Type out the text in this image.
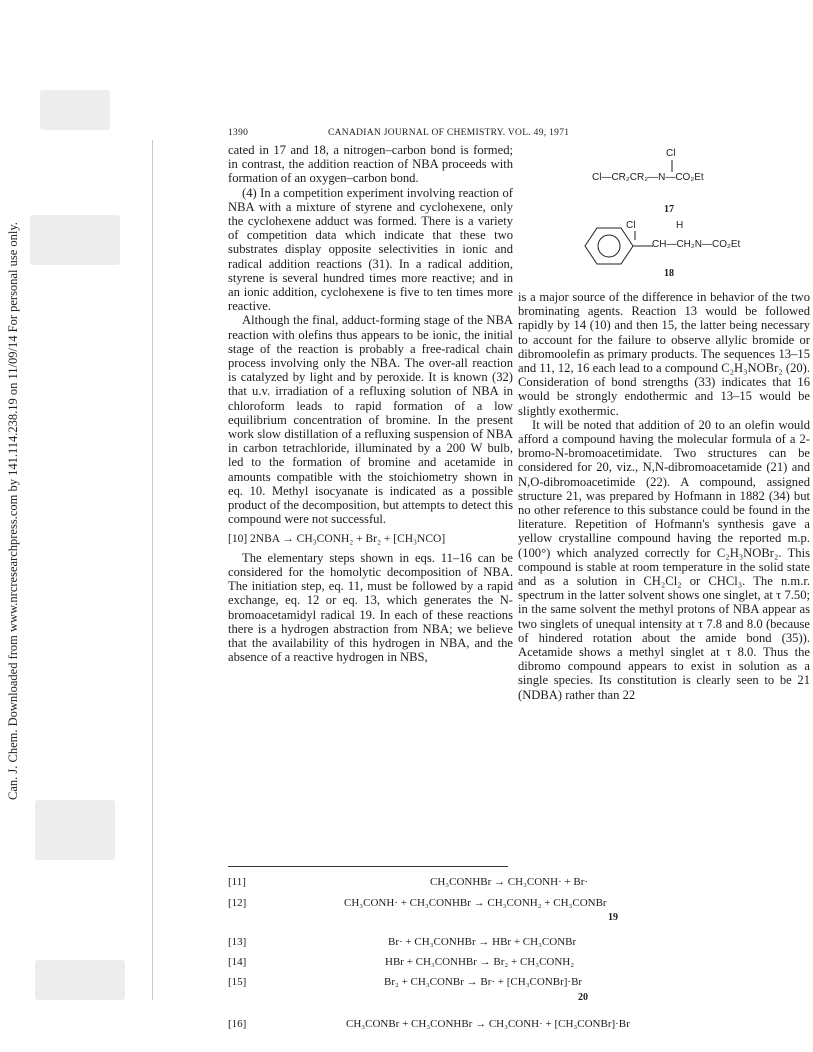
Can. J. Chem. Downloaded from www.nrcresearchpress.com by 141.114.238.19 on 11/09/14 For personal use only.
1390	CANADIAN JOURNAL OF CHEMISTRY. VOL. 49, 1971

cated in 17 and 18, a nitrogen–carbon bond is formed; in contrast, the addition reaction of NBA proceeds with formation of an oxygen–carbon bond.

(4) In a competition experiment involving reaction of NBA with a mixture of styrene and cyclohexene, only the cyclohexene adduct was formed. There is a variety of competition data which indicate that these two substrates display opposite selectivities in ionic and radical addition reactions (31). In a radical addition, styrene is several hundred times more reactive; and in an ionic addition, cyclohexene is five to ten times more reactive.

Although the final, adduct-forming stage of the NBA reaction with olefins thus appears to be ionic, the initial stage of the reaction is probably a free-radical chain process involving only the NBA. The over-all reaction is catalyzed by light and by peroxide. It is known (32) that u.v. irradiation of a refluxing solution of NBA in chloroform leads to rapid formation of a low equilibrium concentration of bromine. In the present work slow distillation of a refluxing suspension of NBA in carbon tetrachloride, illuminated by a 200 W bulb, led to the formation of bromine and acetamide in amounts compatible with the stoichiometry shown in eq. 10. Methyl isocyanate is indicated as a possible product of the decomposition, but attempts to detect this compound were not successful.

[10] 2NBA → CH₃CONH₂ + Br₂ + [CH₃NCO]

The elementary steps shown in eqs. 11–16 can be considered for the homolytic decomposition of NBA. The initiation step, eq. 11, must be followed by a rapid exchange, eq. 12 or eq. 13, which generates the N-bromoacetamidyl radical 19. In each of these reactions there is a hydrogen abstraction from NBA; we believe that the availability of this hydrogen in NBA, and the absence of a reactive hydrogen in NBS,

Cl
Cl—CR₂CR₂—N—CO₂Et
17
Cl	H
CH—CH₂N—CO₂Et
18

is a major source of the difference in behavior of the two brominating agents. Reaction 13 would be followed rapidly by 14 (10) and then 15, the latter being necessary to account for the failure to observe allylic bromide or dibromoolefin as primary products. The sequences 13–15 and 11, 12, 16 each lead to a compound C₂H₃NOBr₂ (20). Consideration of bond strengths (33) indicates that 16 would be strongly endothermic and 13–15 would be slightly exothermic.

It will be noted that addition of 20 to an olefin would afford a compound having the molecular formula of a 2-bromo-N-bromoacetimidate. Two structures can be considered for 20, viz., N,N-dibromoacetamide (21) and N,O-dibromoacetimide (22). A compound, assigned structure 21, was prepared by Hofmann in 1882 (34) but no other reference to this substance could be found in the literature. Repetition of Hofmann's synthesis gave a yellow crystalline compound having the reported m.p. (100°) which analyzed correctly for C₂H₃NOBr₂. This compound is stable at room temperature in the solid state and as a solution in CH₂Cl₂ or CHCl₃. The n.m.r. spectrum in the latter solvent shows one singlet, at τ 7.50; in the same solvent the methyl protons of NBA appear as two singlets of unequal intensity at τ 7.8 and 8.0 (because of hindered rotation about the amide bond (35)). Acetamide shows a methyl singlet at τ 8.0. Thus the dibromo compound appears to exist in solution as a single species. Its constitution is clearly seen to be 21 (NDBA) rather than 22

[11]	CH₃CONHBr → CH₃CONH· + Br·
[12]	CH₃CONH· + CH₃CONHBr → CH₃CONH₂ + CH₃CONBr
19
[13]	Br· + CH₃CONHBr → HBr + CH₃CONBr
[14]	HBr + CH₃CONHBr → Br₂ + CH₃CONH₂
[15]	Br₂ + CH₃CONBr → Br· + [CH₃CONBr]·Br
20
[16]	CH₃CONBr + CH₃CONHBr → CH₃CONH· + [CH₃CONBr]·Br
